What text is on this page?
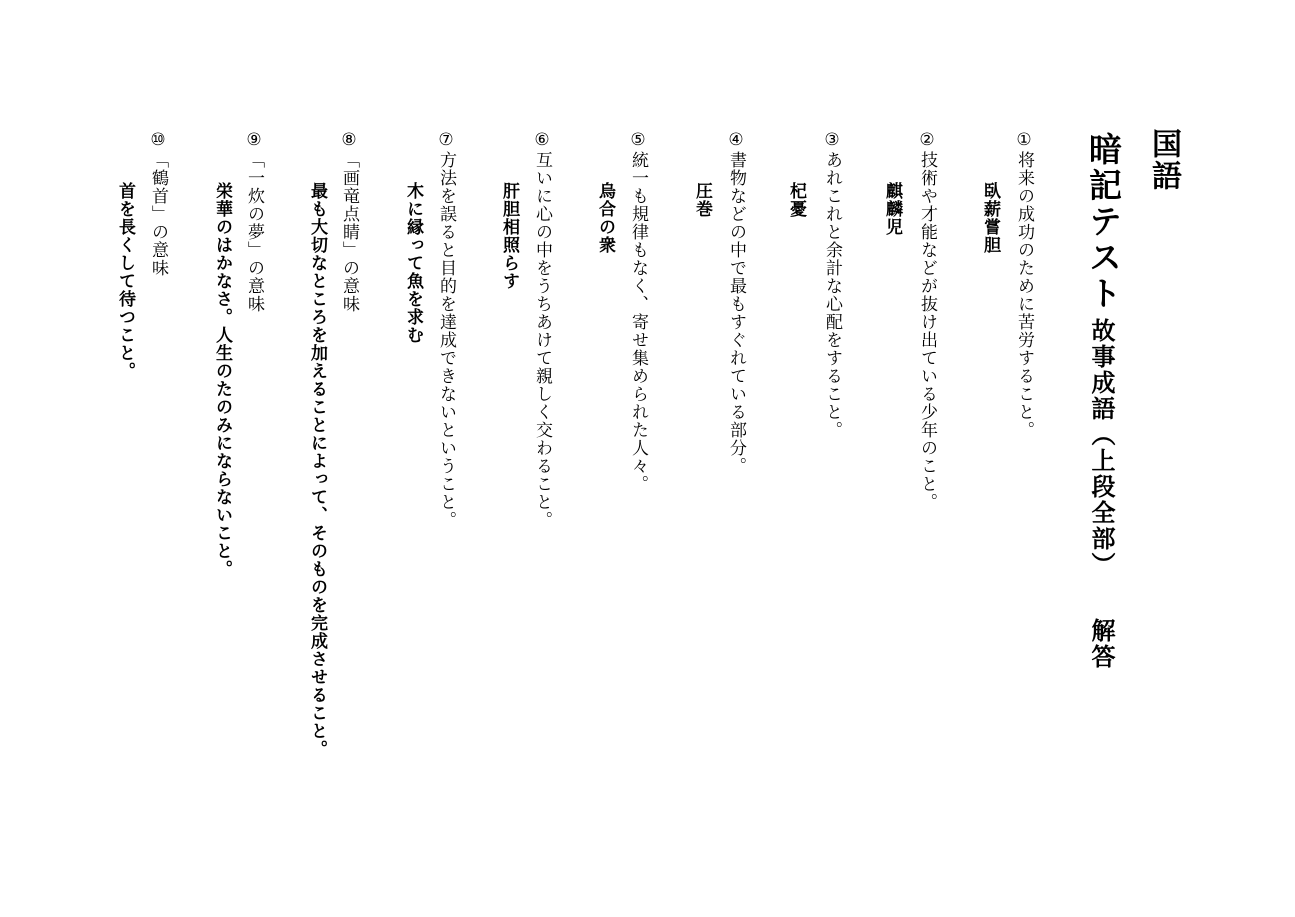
国語
暗記テスト
故事成語（上段全部）
解答
①将来の成功のために苦労すること。
臥薪嘗胆
②技術や才能などが抜け出ている少年のこと。
麒麟児
③あれこれと余計な心配をすること。
杞憂
④書物などの中で最もすぐれている部分。
圧巻
⑤統一も規律もなく、寄せ集められた人々。
烏合の衆
⑥互いに心の中をうちあけて親しく交わること。
肝胆相照らす
⑦方法を誤ると目的を達成できないということ。
木に縁って魚を求む
⑧「画竜点睛」の意味
最も大切なところを加えることによって、そのものを完成させること。
⑨「一炊の夢」の意味
栄華のはかなさ。人生のたのみにならないこと。
⑩「鶴首」の意味
首を長くして待つこと。
